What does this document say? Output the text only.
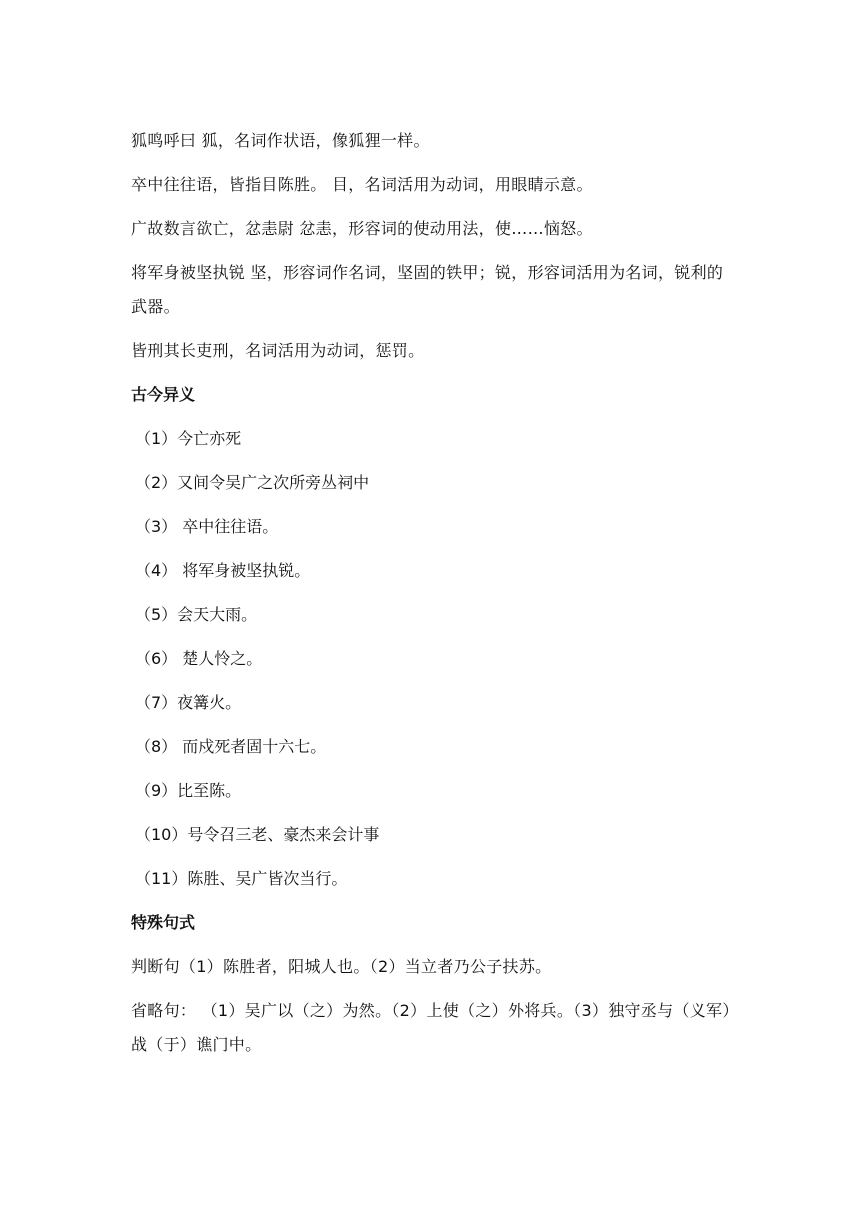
狐鸣呼曰 狐，名词作状语，像狐狸一样。
卒中往往语，皆指目陈胜。 目，名词活用为动词，用眼睛示意。
广故数言欲亡，忿恚尉 忿恚，形容词的使动用法，使……恼怒。
将军身被坚执锐 坚，形容词作名词，坚固的铁甲；锐，形容词活用为名词，锐利的武器。
皆刑其长吏刑，名词活用为动词，惩罚。
古今异义
（1）今亡亦死
（2）又间令吴广之次所旁丛祠中
（3） 卒中往往语。
（4） 将军身被坚执锐。
（5）会天大雨。
（6） 楚人怜之。
（7）夜篝火。
（8） 而戍死者固十六七。
（9）比至陈。
（10）号令召三老、豪杰来会计事
（11）陈胜、吴广皆次当行。
特殊句式
判断句（1）陈胜者，阳城人也。（2）当立者乃公子扶苏。
省略句： （1）吴广以（之）为然。（2）上使（之）外将兵。（3）独守丞与（义军）战（于）谯门中。
